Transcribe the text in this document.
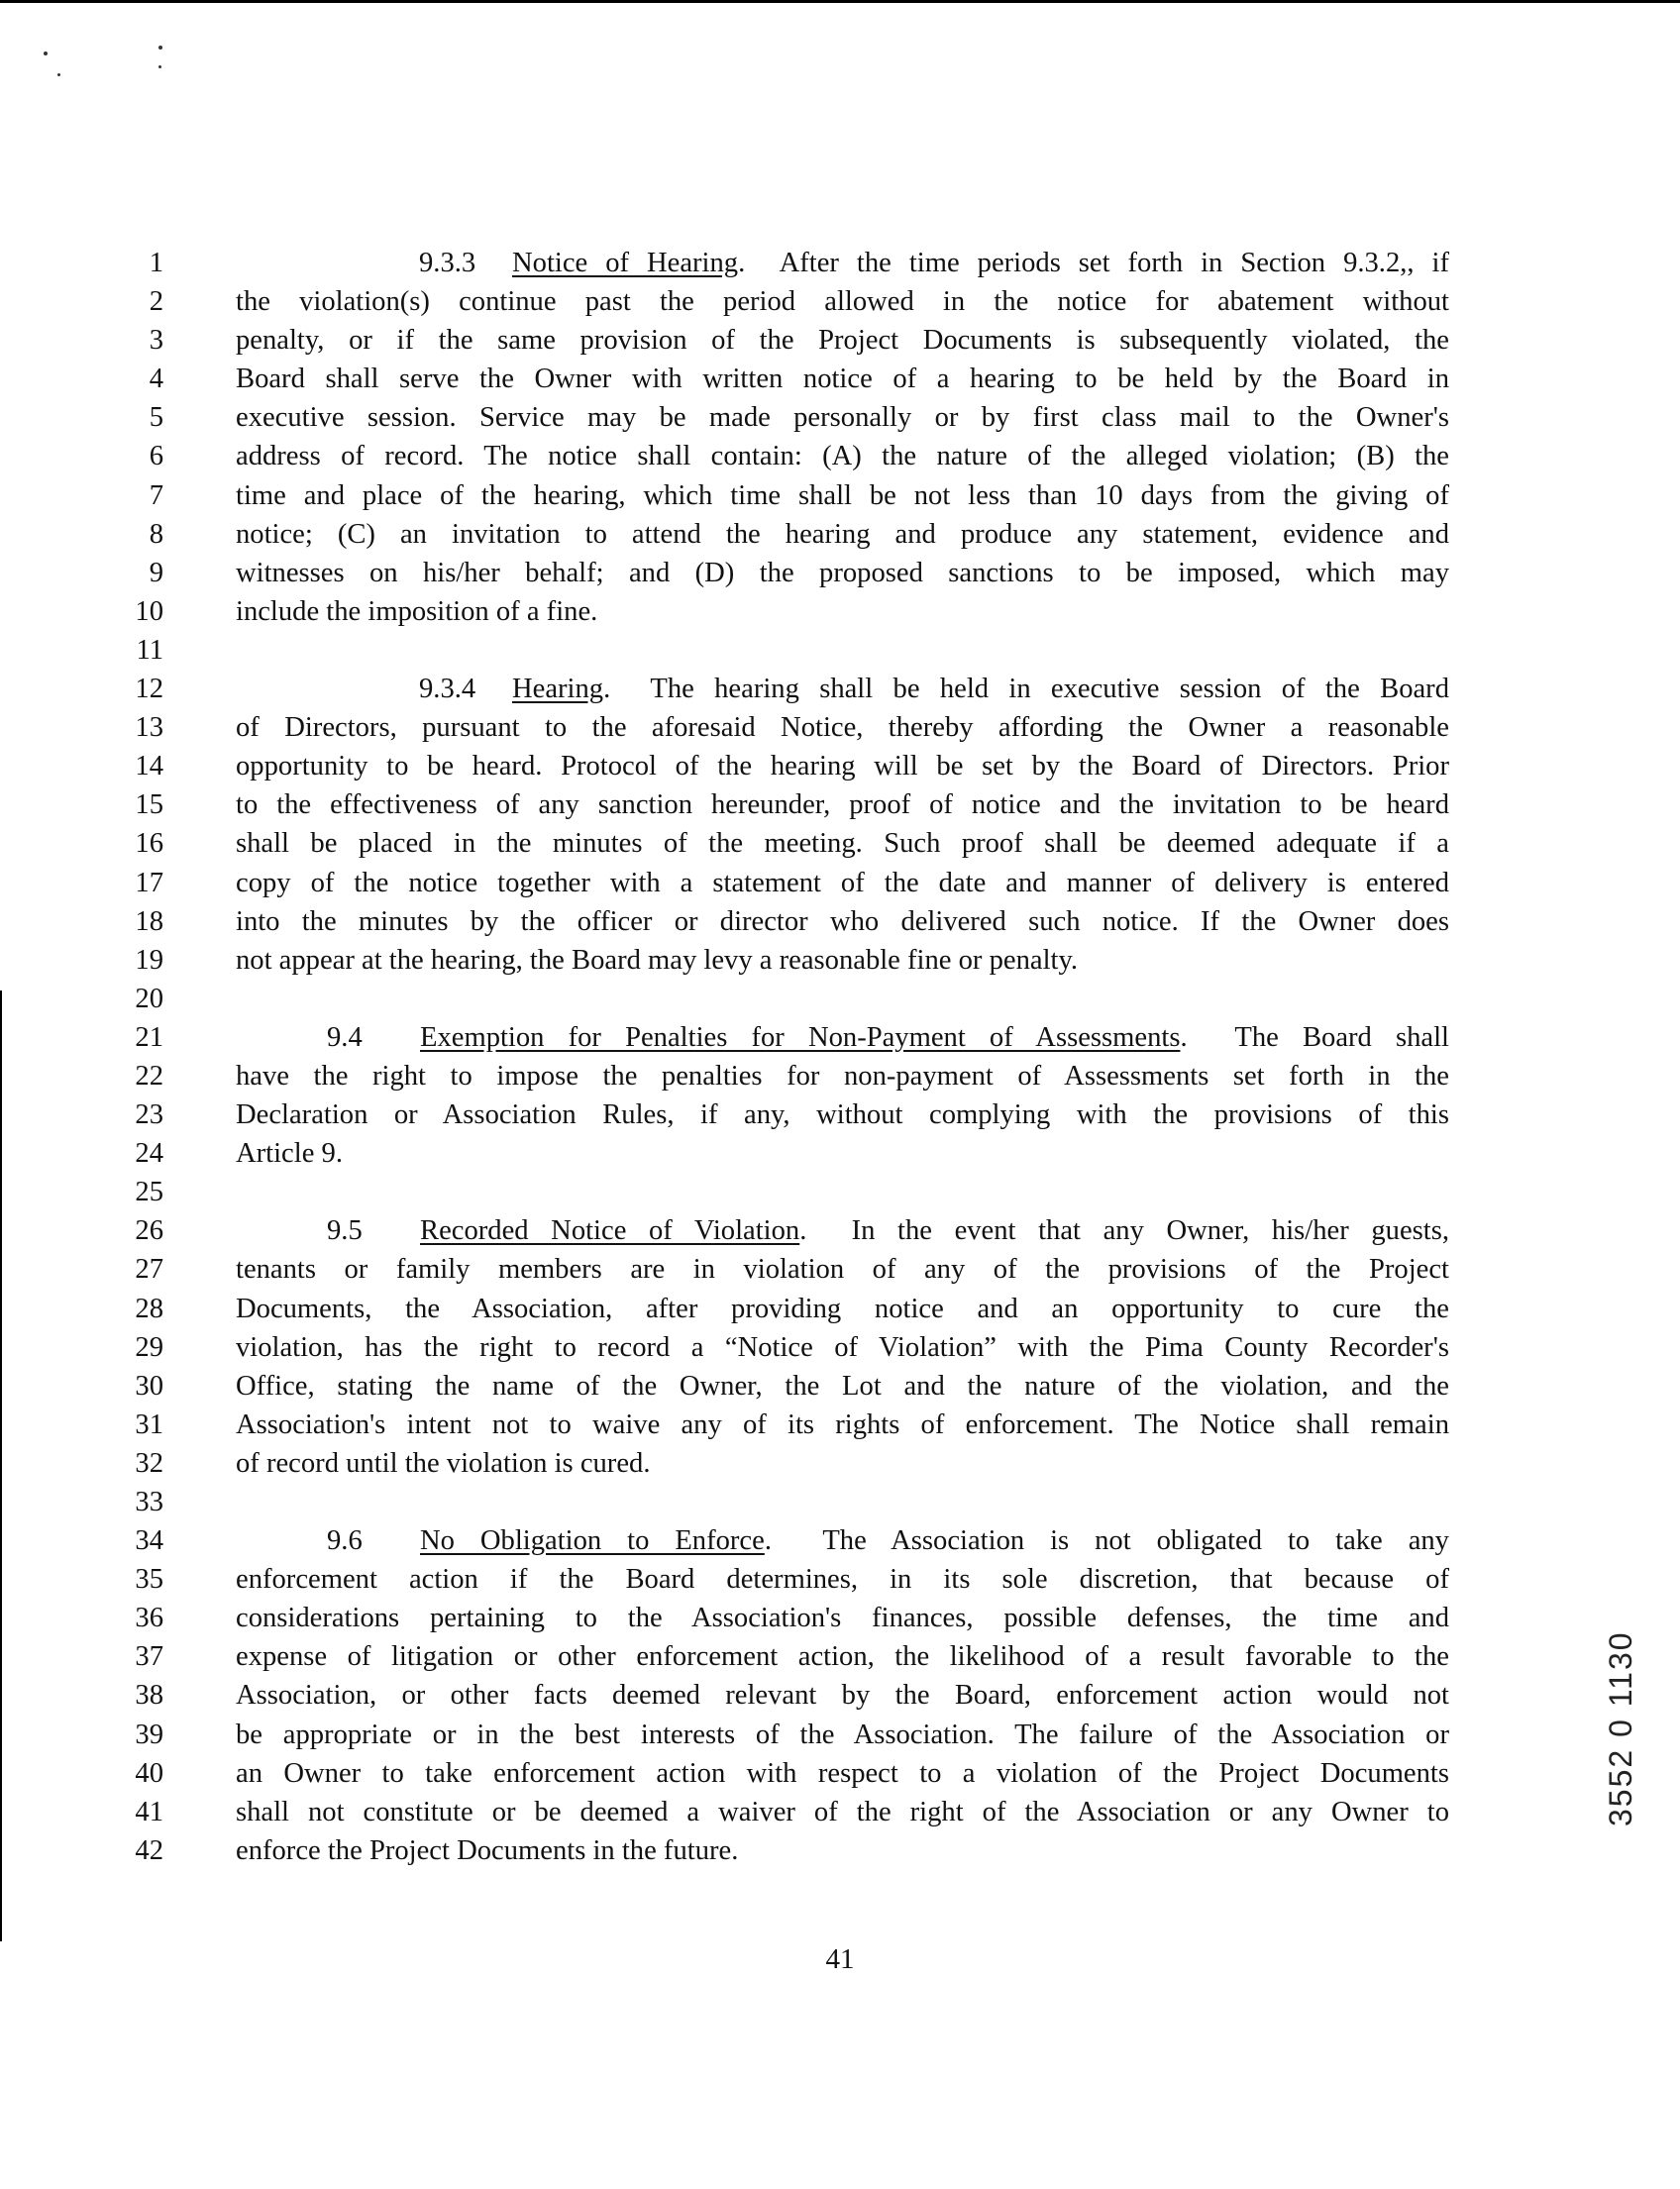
1	9.3.3 Notice of Hearing.  After the time periods set forth in Section 9.3.2,, if
2	the violation(s) continue past the period allowed in the notice for abatement without
3	penalty, or if the same provision of the Project Documents is subsequently violated, the
4	Board shall serve the Owner with written notice of a hearing to be held by the Board in
5	executive session. Service may be made personally or by first class mail to the Owner's
6	address of record. The notice shall contain: (A) the nature of the alleged violation; (B) the
7	time and place of the hearing, which time shall be not less than 10 days from the giving of
8	notice; (C) an invitation to attend the hearing and produce any statement, evidence and
9	witnesses on his/her behalf; and (D) the proposed sanctions to be imposed, which may
10	include the imposition of a fine.
11
12	9.3.4 Hearing.  The hearing shall be held in executive session of the Board
13	of Directors, pursuant to the aforesaid Notice, thereby affording the Owner a reasonable
14	opportunity to be heard. Protocol of the hearing will be set by the Board of Directors. Prior
15	to the effectiveness of any sanction hereunder, proof of notice and the invitation to be heard
16	shall be placed in the minutes of the meeting. Such proof shall be deemed adequate if a
17	copy of the notice together with a statement of the date and manner of delivery is entered
18	into the minutes by the officer or director who delivered such notice. If the Owner does
19	not appear at the hearing, the Board may levy a reasonable fine or penalty.
20
21	9.4 Exemption for Penalties for Non-Payment of Assessments.  The Board shall
22	have the right to impose the penalties for non-payment of Assessments set forth in the
23	Declaration or Association Rules, if any, without complying with the provisions of this
24	Article 9.
25
26	9.5 Recorded Notice of Violation.  In the event that any Owner, his/her guests,
27	tenants or family members are in violation of any of the provisions of the Project
28	Documents, the Association, after providing notice and an opportunity to cure the
29	violation, has the right to record a “Notice of Violation” with the Pima County Recorder's
30	Office, stating the name of the Owner, the Lot and the nature of the violation, and the
31	Association's intent not to waive any of its rights of enforcement. The Notice shall remain
32	of record until the violation is cured.
33
34	9.6 No Obligation to Enforce.  The Association is not obligated to take any
35	enforcement action if the Board determines, in its sole discretion, that because of
36	considerations pertaining to the Association's finances, possible defenses, the time and
37	expense of litigation or other enforcement action, the likelihood of a result favorable to the
38	Association, or other facts deemed relevant by the Board, enforcement action would not
39	be appropriate or in the best interests of the Association. The failure of the Association or
40	an Owner to take enforcement action with respect to a violation of the Project Documents
41	shall not constitute or be deemed a waiver of the right of the Association or any Owner to
42	enforce the Project Documents in the future.
41
3552 0 1130
